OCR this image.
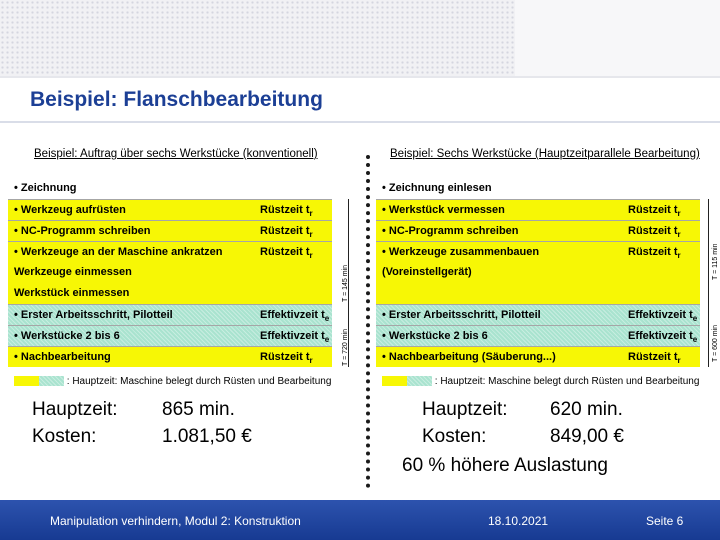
Beispiel: Flanschbearbeitung
Beispiel: Auftrag über sechs Werkstücke (konventionell)
• Zeichnung
• Werkzeug aufrüsten	Rüstzeit $t_r$
• NC-Programm schreiben	Rüstzeit $t_r$
• Werkzeuge an der Maschine ankratzen	Rüstzeit $t_r$
Werkzeuge einmessen
Werkstück einmessen
• Erster Arbeitsschritt, Pilotteil	Effektivzeit $t_e$
• Werkstücke 2 bis 6	Effektivzeit $t_e$
• Nachbearbeitung	Rüstzeit $t_r$
T = 145 min
T = 720 min
: Hauptzeit: Maschine belegt durch Rüsten und Bearbeitung
Beispiel: Sechs Werkstücke (Hauptzeitparallele Bearbeitung)
• Zeichnung einlesen
• Werkstück vermessen	Rüstzeit $t_r$
• NC-Programm schreiben	Rüstzeit $t_r$
• Werkzeuge zusammenbauen	Rüstzeit $t_r$
(Voreinstellgerät)
• Erster Arbeitsschritt, Pilotteil	Effektivzeit $t_e$
• Werkstücke 2 bis 6	Effektivzeit $t_e$
• Nachbearbeitung (Säuberung...)	Rüstzeit $t_r$
T = 115 min
T = 600 min
: Hauptzeit: Maschine belegt durch Rüsten und Bearbeitung
Hauptzeit: 865 min.
Kosten:	1.081,50 €
Hauptzeit: 620 min.
Kosten:	849,00 €
60 % höhere Auslastung
Manipulation verhindern, Modul 2: Konstruktion	18.10.2021	Seite 6
